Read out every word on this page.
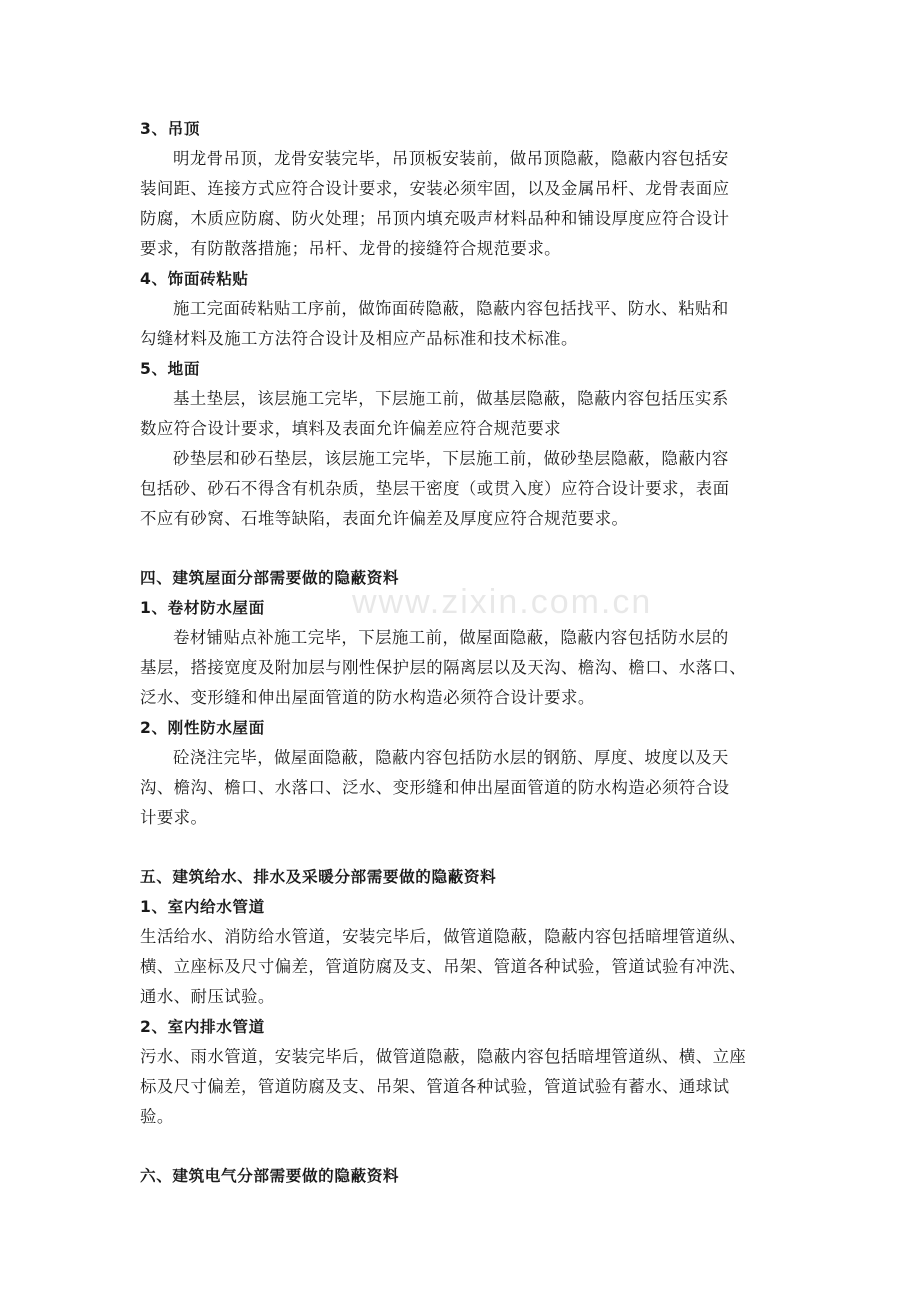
www.zixin.com.cn
3、吊顶
明龙骨吊顶，龙骨安装完毕，吊顶板安装前，做吊顶隐蔽，隐蔽内容包括安
装间距、连接方式应符合设计要求，安装必须牢固，以及金属吊杆、龙骨表面应
防腐，木质应防腐、防火处理；吊顶内填充吸声材料品种和铺设厚度应符合设计
要求，有防散落措施；吊杆、龙骨的接缝符合规范要求。
4、饰面砖粘贴
施工完面砖粘贴工序前，做饰面砖隐蔽，隐蔽内容包括找平、防水、粘贴和
勾缝材料及施工方法符合设计及相应产品标准和技术标准。
5、地面
基土垫层，该层施工完毕，下层施工前，做基层隐蔽，隐蔽内容包括压实系
数应符合设计要求，填料及表面允许偏差应符合规范要求
砂垫层和砂石垫层，该层施工完毕，下层施工前，做砂垫层隐蔽，隐蔽内容
包括砂、砂石不得含有机杂质，垫层干密度（或贯入度）应符合设计要求，表面
不应有砂窝、石堆等缺陷，表面允许偏差及厚度应符合规范要求。
四、建筑屋面分部需要做的隐蔽资料
1、卷材防水屋面
卷材铺贴点补施工完毕，下层施工前，做屋面隐蔽，隐蔽内容包括防水层的
基层，搭接宽度及附加层与刚性保护层的隔离层以及天沟、檐沟、檐口、水落口、
泛水、变形缝和伸出屋面管道的防水构造必须符合设计要求。
2、刚性防水屋面
砼浇注完毕，做屋面隐蔽，隐蔽内容包括防水层的钢筋、厚度、坡度以及天
沟、檐沟、檐口、水落口、泛水、变形缝和伸出屋面管道的防水构造必须符合设
计要求。
五、建筑给水、排水及采暖分部需要做的隐蔽资料
1、室内给水管道
生活给水、消防给水管道，安装完毕后，做管道隐蔽，隐蔽内容包括暗埋管道纵、
横、立座标及尺寸偏差，管道防腐及支、吊架、管道各种试验，管道试验有冲洗、
通水、耐压试验。
2、室内排水管道
污水、雨水管道，安装完毕后，做管道隐蔽，隐蔽内容包括暗埋管道纵、横、立座
标及尺寸偏差，管道防腐及支、吊架、管道各种试验，管道试验有蓄水、通球试
验。
六、建筑电气分部需要做的隐蔽资料
